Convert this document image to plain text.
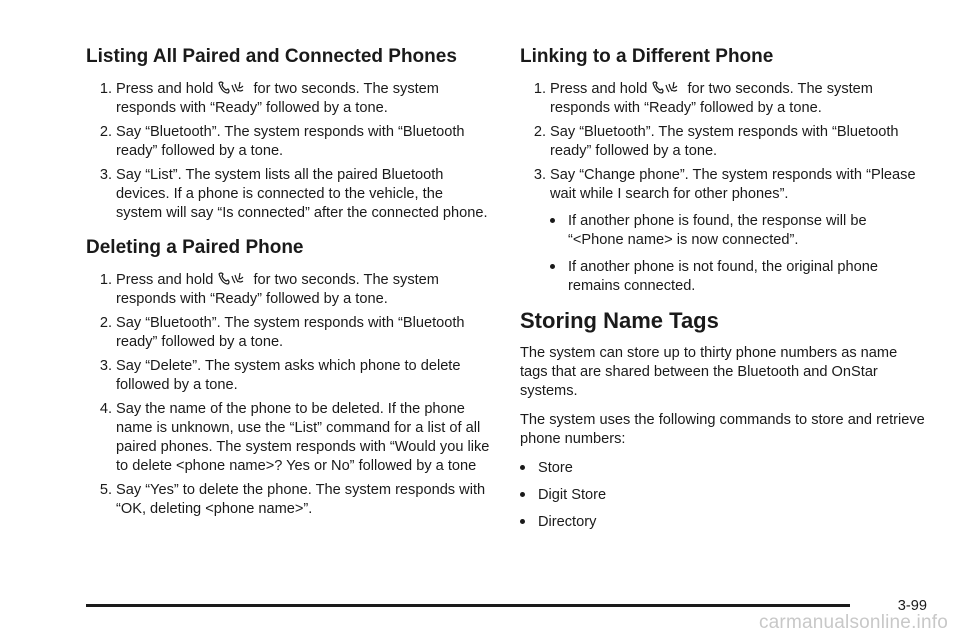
Listing All Paired and Connected Phones
1. Press and hold  for two seconds. The system responds with “Ready” followed by a tone.
2. Say “Bluetooth”. The system responds with “Bluetooth ready” followed by a tone.
3. Say “List”. The system lists all the paired Bluetooth devices. If a phone is connected to the vehicle, the system will say “Is connected” after the connected phone.
Deleting a Paired Phone
1. Press and hold  for two seconds. The system responds with “Ready” followed by a tone.
2. Say “Bluetooth”. The system responds with “Bluetooth ready” followed by a tone.
3. Say “Delete”. The system asks which phone to delete followed by a tone.
4. Say the name of the phone to be deleted. If the phone name is unknown, use the “List” command for a list of all paired phones. The system responds with “Would you like to delete <phone name>? Yes or No” followed by a tone
5. Say “Yes” to delete the phone. The system responds with “OK, deleting <phone name>”.
Linking to a Different Phone
1. Press and hold  for two seconds. The system responds with “Ready” followed by a tone.
2. Say “Bluetooth”. The system responds with “Bluetooth ready” followed by a tone.
3. Say “Change phone”. The system responds with “Please wait while I search for other phones”.
If another phone is found, the response will be “<Phone name> is now connected”.
If another phone is not found, the original phone remains connected.
Storing Name Tags

The system can store up to thirty phone numbers as name tags that are shared between the Bluetooth and OnStar systems.

The system uses the following commands to store and retrieve phone numbers:

Store
Digit Store
Directory
3-99
carmanualsonline.info
